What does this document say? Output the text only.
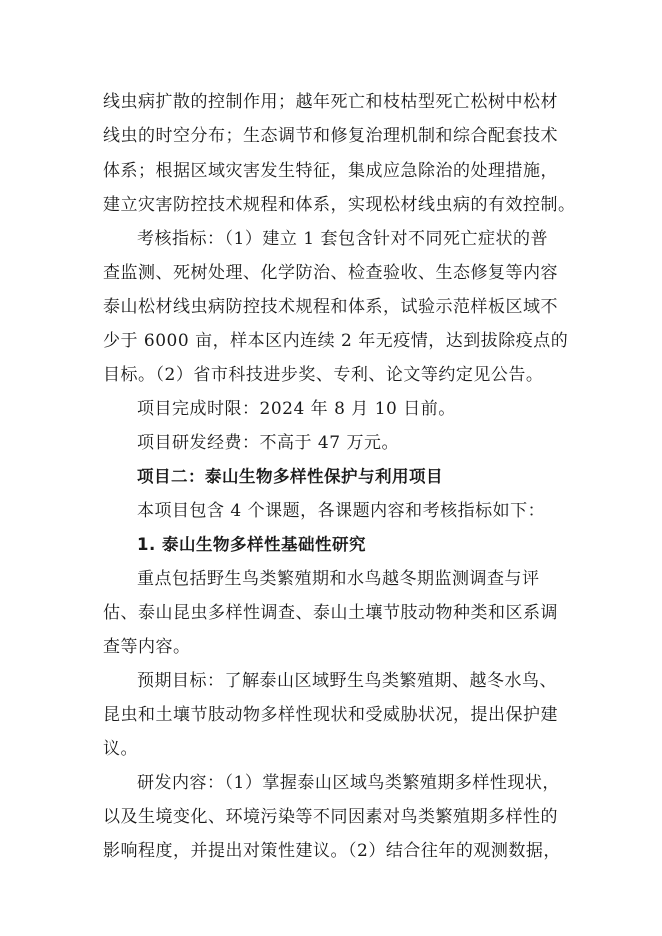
线虫病扩散的控制作用；越年死亡和枝枯型死亡松树中松材
线虫的时空分布；生态调节和修复治理机制和综合配套技术
体系；根据区域灾害发生特征，集成应急除治的处理措施，
建立灾害防控技术规程和体系，实现松材线虫病的有效控制。
考核指标：（1）建立 1 套包含针对不同死亡症状的普
查监测、死树处理、化学防治、检查验收、生态修复等内容
泰山松材线虫病防控技术规程和体系，试验示范样板区域不
少于 6000 亩，样本区内连续 2 年无疫情，达到拔除疫点的
目标。（2）省市科技进步奖、专利、论文等约定见公告。
项目完成时限：2024 年 8 月 10 日前。
项目研发经费：不高于 47 万元。
项目二：泰山生物多样性保护与利用项目
本项目包含 4 个课题，各课题内容和考核指标如下：
1. 泰山生物多样性基础性研究
重点包括野生鸟类繁殖期和水鸟越冬期监测调查与评
估、泰山昆虫多样性调查、泰山土壤节肢动物种类和区系调
查等内容。
预期目标：了解泰山区域野生鸟类繁殖期、越冬水鸟、
昆虫和土壤节肢动物多样性现状和受威胁状况，提出保护建
议。
研发内容：（1）掌握泰山区域鸟类繁殖期多样性现状，
以及生境变化、环境污染等不同因素对鸟类繁殖期多样性的
影响程度，并提出对策性建议。（2）结合往年的观测数据，
